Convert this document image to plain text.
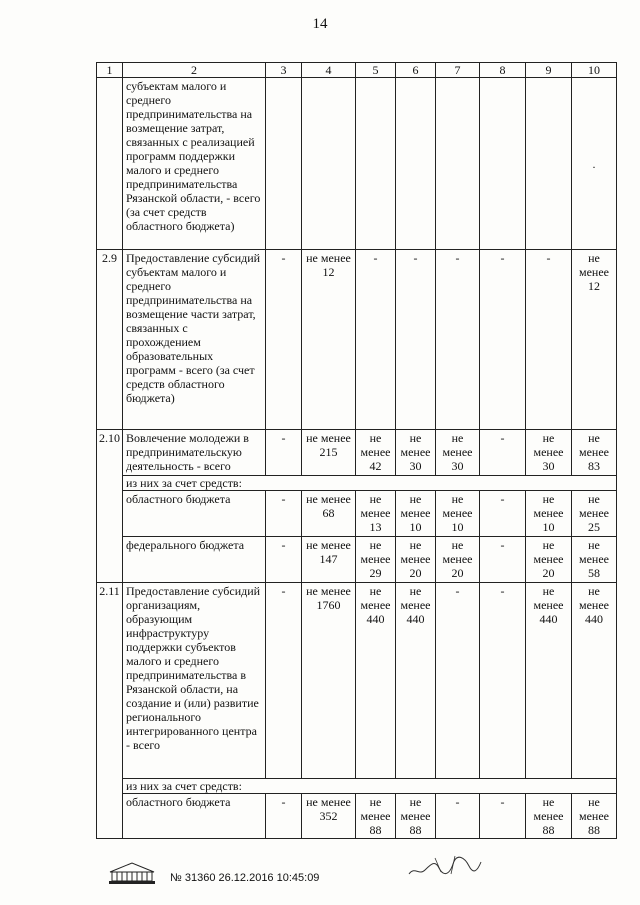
14
1	2	3	4	5	6	7	8	9	10
	субъектам малого и среднего предпринимательства на возмещение затрат, связанных с реализацией программ поддержки малого и среднего предпринимательства Рязанской области, - всего (за счет средств областного бюджета)								.
2.9	Предоставление субсидий субъектам малого и среднего предпринимательства на возмещение части затрат, связанных с прохождением образовательных программ - всего (за счет средств областного бюджета)	-	не менее 12	-	-	-	-	-	не менее 12
2.10	Вовлечение молодежи в предпринимательскую деятельность - всего	-	не менее 215	не менее 42	не менее 30	не менее 30	-	не менее 30	не менее 83
	из них за счет средств:								
	областного бюджета	-	не менее 68	не менее 13	не менее 10	не менее 10	-	не менее 10	не менее 25
	федерального бюджета	-	не менее 147	не менее 29	не менее 20	не менее 20	-	не менее 20	не менее 58
2.11	Предоставление субсидий организациям, образующим инфраструктуру поддержки субъектов малого и среднего предпринимательства в Рязанской области, на создание и (или) развитие регионального интегрированного центра - всего	-	не менее 1760	не менее 440	не менее 440	-	-	не менее 440	не менее 440
	из них за счет средств:								
	областного бюджета	-	не менее 352	не менее 88	не менее 88	-	-	не менее 88	не менее 88
№ 31360 26.12.2016 10:45:09
